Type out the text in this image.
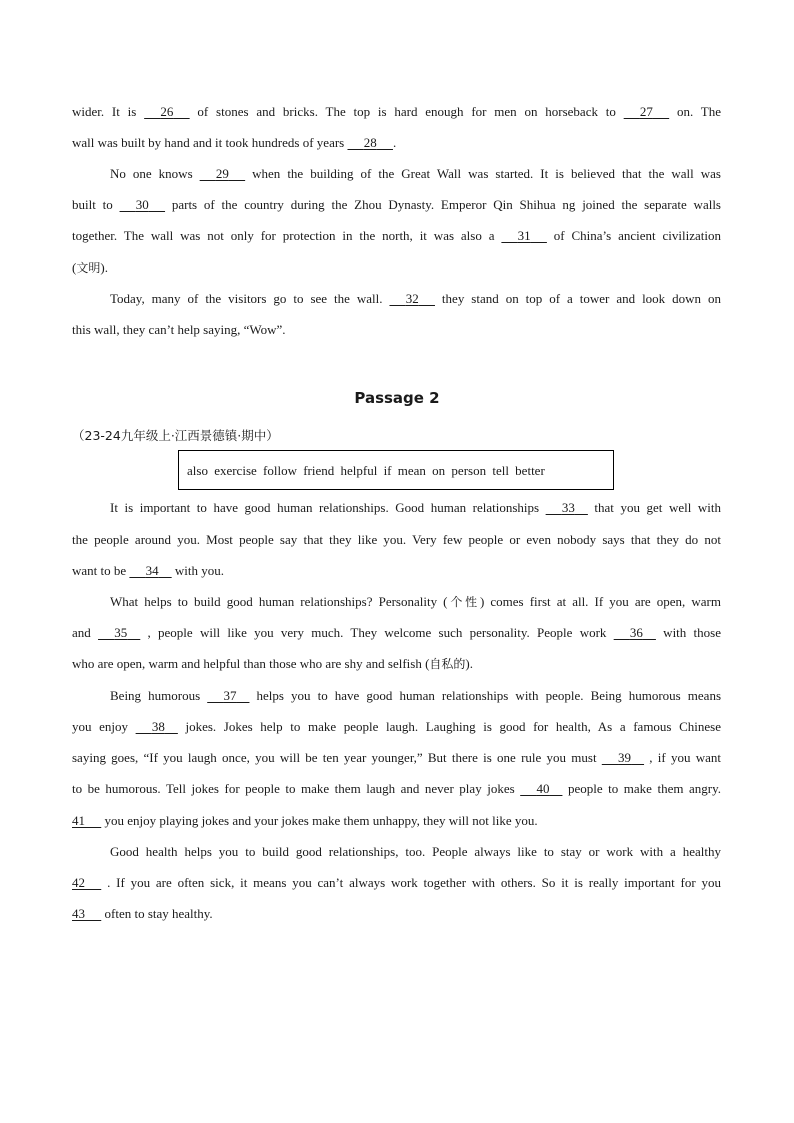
wider. It is      26      of stones and bricks. The top is hard enough for men on horseback to      27      on. The
wall was built by hand and it took hundreds of years      28 .
No one knows      29      when the building of the Great Wall was started. It is believed that the wall was
built to      30      parts of the country during the Zhou Dynasty. Emperor Qin Shihua ng joined the separate walls
together. The wall was not only for protection in the north, it was also a      31      of China’s ancient civilization
(文明).
Today, many of the visitors go to see the wall.      32      they stand on top of a tower and look down on
this wall, they can’t help saying, “Wow”.
Passage 2
（23-24九年级上·江西景德镇·期中）
also exercise follow friend helpful if mean on person tell better
It is important to have good human relationships. Good human relationships      33     that you get well with
the people around you. Most people say that they like you. Very few people or even nobody says that they do not
want to be      34     with you.
What helps to build good human relationships? Personality (个性) comes first at all. If you are open, warm
and      35     , people will like you very much. They welcome such personality. People work      36     with those
who are open, warm and helpful than those who are shy and selfish (自私的).
Being humorous      37     helps you to have good human relationships with people. Being humorous means
you enjoy      38     jokes. Jokes help to make people laugh. Laughing is good for health, As a famous Chinese
saying goes, “If you laugh once, you will be ten year younger,” But there is one rule you must      39     , if you want
to be humorous. Tell jokes for people to make them laugh and never play jokes      40     people to make them angry.
41      you enjoy playing jokes and your jokes make them unhappy, they will not like you.
Good health helps you to build good relationships, too. People always like to stay or work with a healthy
42      . If you are often sick, it means you can’t always work together with others. So it is really important for you
43      often to stay healthy.
